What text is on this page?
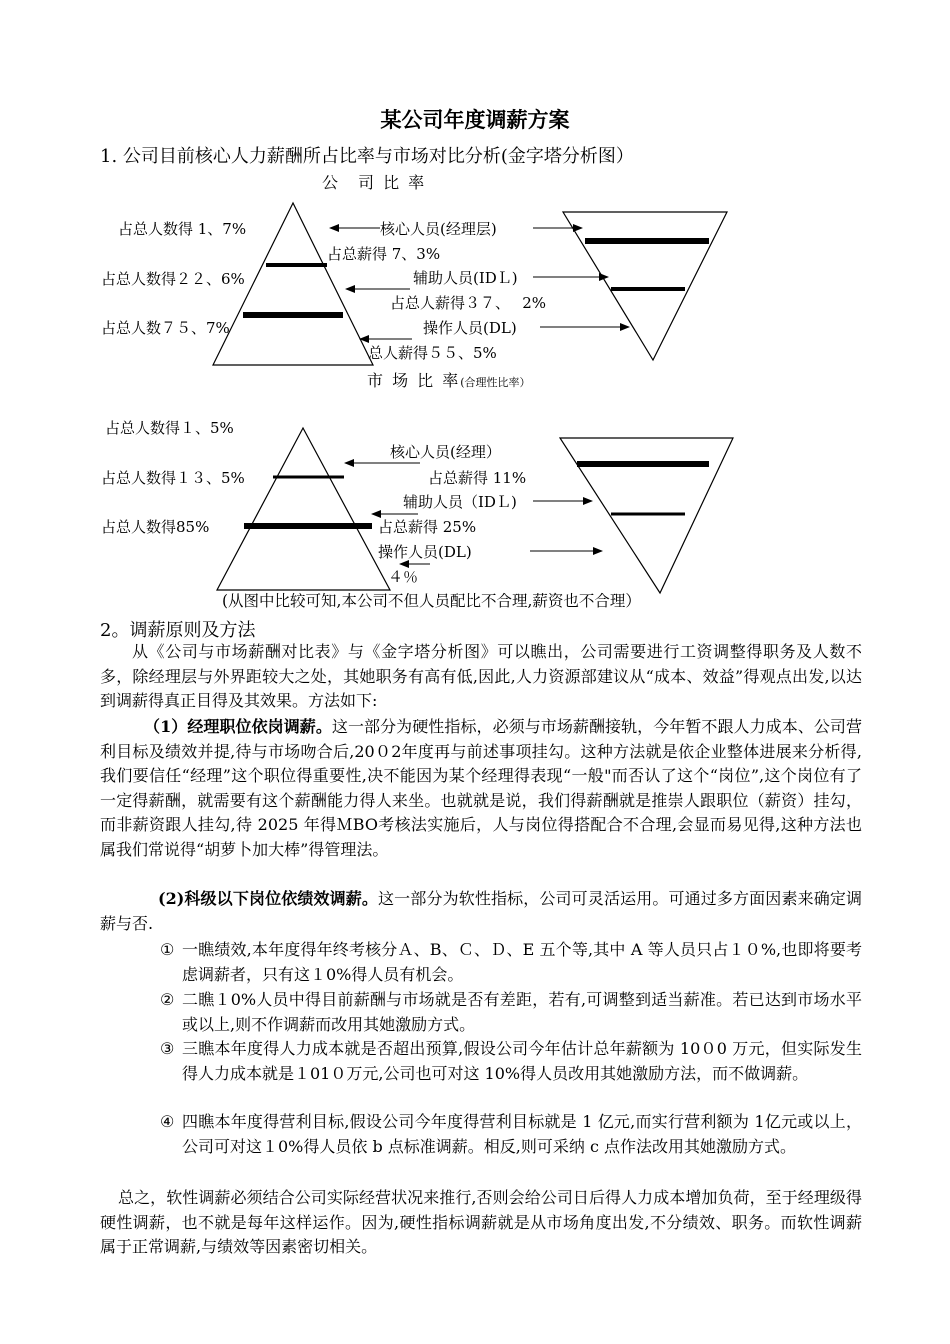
某公司年度调薪方案
1. 公司目前核心人力薪酬所占比率与市场对比分析(金字塔分析图）
公　司 比 率
占总人数得 1、7%
占总人数得２２、6%
占总人数７５、7%
核心人员(经理层)
辅助人员(IDＬ)
操作人员(DL)
占总薪得 7、3%
占总人薪得３７、　 2%
总人薪得５５、5%
市 场 比 率(合理性比率）
占总人数得１、5%
占总人数得１３、5%
占总人数得85%
核心人员(经理）
辅助人员（IDＬ)
操作人员(DL)
占总薪得 11%
占总薪得 25%
４％
(从图中比较可知,本公司不但人员配比不合理,薪资也不合理）
2。调薪原则及方法
从《公司与市场薪酬对比表》与《金字塔分析图》可以瞧出，公司需要进行工资调整得职务及人数不多，除经理层与外界距较大之处，其她职务有高有低,因此,人力资源部建议从“成本、效益”得观点出发,以达到调薪得真正目得及其效果。方法如下:
（1）经理职位依岗调薪。这一部分为硬性指标，必须与市场薪酬接轨，今年暂不跟人力成本、公司营利目标及绩效并提,待与市场吻合后,20０2年度再与前述事项挂勾。这种方法就是依企业整体进展来分析得,我们要信任“经理”这个职位得重要性,决不能因为某个经理得表现“一般"而否认了这个“岗位”,这个岗位有了一定得薪酬，就需要有这个薪酬能力得人来坐。也就就是说，我们得薪酬就是推崇人跟职位（薪资）挂勾，而非薪资跟人挂勾,待 2025 年得ＭBO考核法实施后，人与岗位得搭配合不合理,会显而易见得,这种方法也属我们常说得“胡萝卜加大棒”得管理法。
(2)科级以下岗位依绩效调薪。这一部分为软性指标，公司可灵活运用。可通过多方面因素来确定调薪与否.
① 一瞧绩效,本年度得年终考核分Ａ、B、Ｃ、Ｄ、E 五个等,其中 A 等人员只占１０%,也即将要考虑调薪者，只有这１0%得人员有机会。
② 二瞧１0%人员中得目前薪酬与市场就是否有差距，若有,可调整到适当薪准。若已达到市场水平或以上,则不作调薪而改用其她激励方式。
③ 三瞧本年度得人力成本就是否超出预算,假设公司今年估计总年薪额为 10０0 万元，但实际发生得人力成本就是１01０万元,公司也可对这 10%得人员改用其她激励方法，而不做调薪。
④ 四瞧本年度得营利目标,假设公司今年度得营利目标就是 1 亿元,而实行营利额为 1亿元或以上，公司可对这１0%得人员依 b 点标准调薪。相反,则可采纳 c 点作法改用其她激励方式。
总之，软性调薪必须结合公司实际经营状况来推行,否则会给公司日后得人力成本增加负荷，至于经理级得硬性调薪，也不就是每年这样运作。因为,硬性指标调薪就是从市场角度出发,不分绩效、职务。而软性调薪属于正常调薪,与绩效等因素密切相关。
